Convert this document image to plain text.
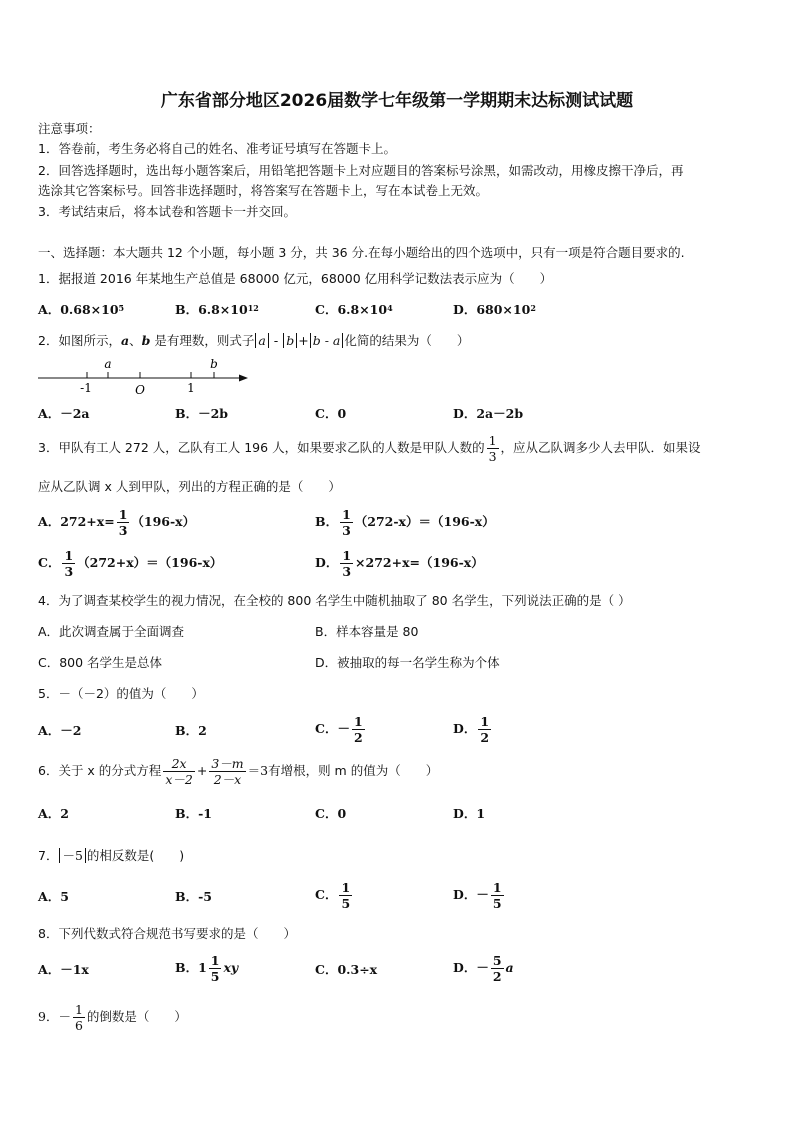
广东省部分地区2026届数学七年级第一学期期末达标测试试题
注意事项：
1．答卷前，考生务必将自己的姓名、准考证号填写在答题卡上。
2．回答选择题时，选出每小题答案后，用铅笔把答题卡上对应题目的答案标号涂黑，如需改动，用橡皮擦干净后，再
选涂其它答案标号。回答非选择题时，将答案写在答题卡上，写在本试卷上无效。
3．考试结束后，将本试卷和答题卡一并交回。
一、选择题：本大题共 12 个小题，每小题 3 分，共 36 分.在每小题给出的四个选项中，只有一项是符合题目要求的.
1．据报道 2016 年某地生产总值是 68000 亿元，68000 亿用科学记数法表示应为（　　）
A．$0.68\times 10^5$	B．$6.8\times 10^{12}$	C．$6.8\times 10^4$	D．$680\times 10^2$
2．如图所示，a、b 是有理数，则式子 a - b + b - a 化简的结果为（　　）
a	b
-1	O	1
A．－2a	B．－2b	C．0	D．2a－2b
3．甲队有工人 272 人，乙队有工人 196 人，如果要求乙队的人数是甲队人数的 $\frac{1}{3}$ ，应从乙队调多少人去甲队．如果设
应从乙队调 x 人到甲队，列出的方程正确的是（　　）
A．$272+x= \frac{1}{3} (196-x)$	B． $\frac{1}{3} (272-x)=(196-x)$
C． $\frac{1}{3} (272+x)=(196-x)$	D． $\frac{1}{3} \times 272+x=(196-x)$
4．为了调查某校学生的视力情况，在全校的 800 名学生中随机抽取了 80 名学生，下列说法正确的是（ ）
A．此次调查属于全面调查	B．样本容量是 80
C．800 名学生是总体	D．被抽取的每一名学生称为个体
5．－（－2）的值为（　　）
A．－2	B．2	C．－ $\frac{1}{2}$	D． $\frac{1}{2}$
6．关于 x 的分式方程 $\frac{2x}{x-2} + \frac{3-m}{2-x} =3$有增根，则 m 的值为（　　）
A．2	B．-1	C．0	D．1
7． －5 的相反数是(　　)
A．5	B．-5	C． $\frac{1}{5}$	D．－ $\frac{1}{5}$
8．下列代数式符合规范书写要求的是（　　）
A．－1x	B．$1 \frac{1}{5}$ xy	C．0.3÷x	D．－ $\frac{5}{2}$ a
9．－ $\frac{1}{6}$ 的倒数是（　　）
